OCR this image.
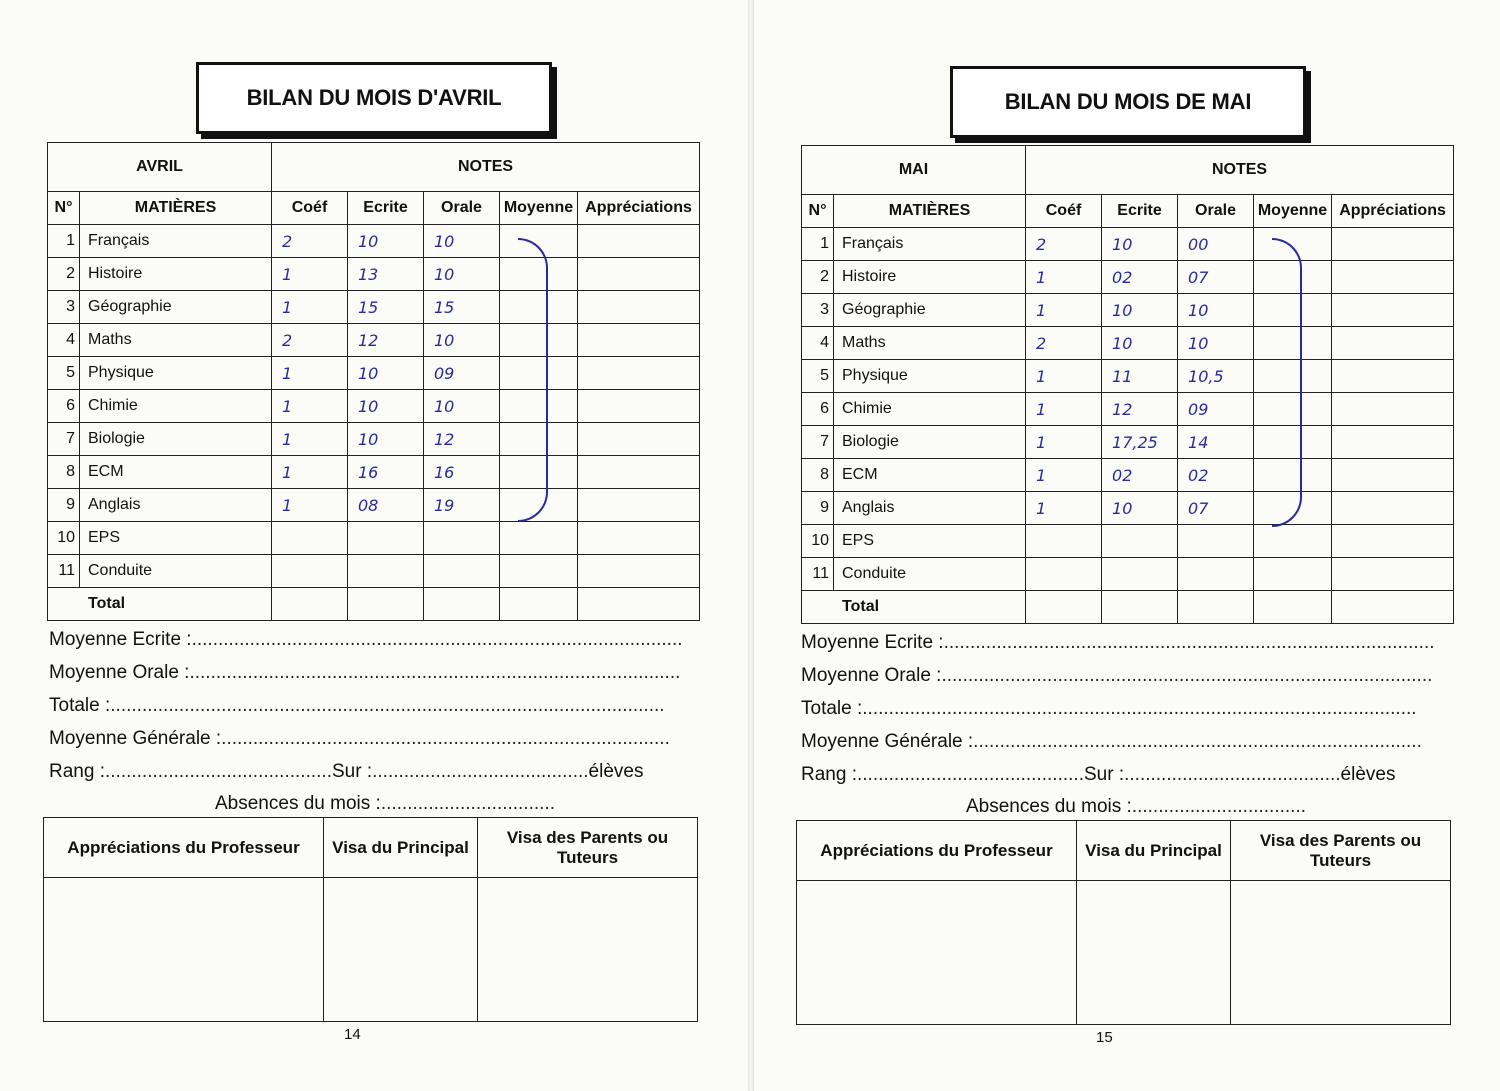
BILAN DU MOIS D'AVRIL
AVRIL		NOTES				
N°	MATIÈRES	Coéf	Ecrite	Orale	Moyenne	Appréciations
1	Français	2	10	10		
2	Histoire	1	13	10		
3	Géographie	1	15	15		
4	Maths	2	12	10		
5	Physique	1	10	09		
6	Chimie	1	10	10		
7	Biologie	1	10	12		
8	ECM	1	16	16		
9	Anglais	1	08	19		
10	EPS					
11	Conduite					
Total						
Moyenne Ecrite :.............................................................................................
Moyenne Orale :.............................................................................................
Totale :.........................................................................................................
Moyenne Générale :.....................................................................................
Rang :...........................................Sur :.........................................élèves
Absences du mois :.................................
Appréciations du Professeur	Visa du Principal	Visa des Parents ou Tuteurs

14
BILAN DU MOIS DE MAI
MAI		NOTES				
N°	MATIÈRES	Coéf	Ecrite	Orale	Moyenne	Appréciations
1	Français	2	10	00		
2	Histoire	1	02	07		
3	Géographie	1	10	10		
4	Maths	2	10	10		
5	Physique	1	11	10,5		
6	Chimie	1	12	09		
7	Biologie	1	17,25	14		
8	ECM	1	02	02		
9	Anglais	1	10	07		
10	EPS					
11	Conduite					
Total						
Moyenne Ecrite :.............................................................................................
Moyenne Orale :.............................................................................................
Totale :.........................................................................................................
Moyenne Générale :.....................................................................................
Rang :...........................................Sur :.........................................élèves
Absences du mois :.................................
Appréciations du Professeur	Visa du Principal	Visa des Parents ou Tuteurs

15
